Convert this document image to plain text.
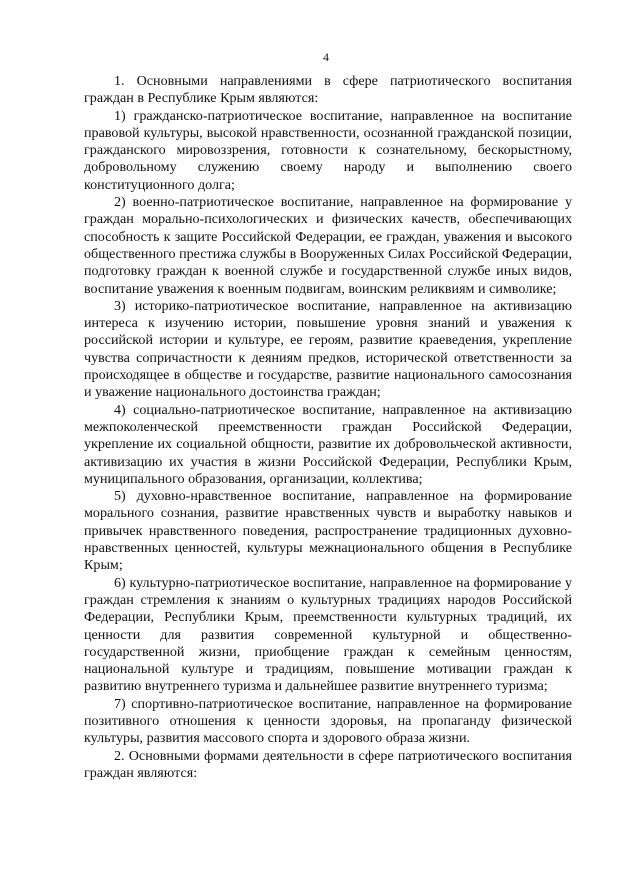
4

1. Основными направлениями в сфере патриотического воспитания граждан в Республике Крым являются:

1) гражданско-патриотическое воспитание, направленное на воспитание правовой культуры, высокой нравственности, осознанной гражданской позиции, гражданского мировоззрения, готовности к сознательному, бескорыстному, добровольному служению своему народу и выполнению своего конституционного долга;

2) военно-патриотическое воспитание, направленное на формирование у граждан морально-психологических и физических качеств, обеспечивающих способность к защите Российской Федерации, ее граждан, уважения и высокого общественного престижа службы в Вооруженных Силах Российской Федерации, подготовку граждан к военной службе и государственной службе иных видов, воспитание уважения к военным подвигам, воинским реликвиям и символике;

3) историко-патриотическое воспитание, направленное на активизацию интереса к изучению истории, повышение уровня знаний и уважения к российской истории и культуре, ее героям, развитие краеведения, укрепление чувства сопричастности к деяниям предков, исторической ответственности за происходящее в обществе и государстве, развитие национального самосознания и уважение национального достоинства граждан;

4) социально-патриотическое воспитание, направленное на активизацию межпоколенческой преемственности граждан Российской Федерации, укрепление их социальной общности, развитие их добровольческой активности, активизацию их участия в жизни Российской Федерации, Республики Крым, муниципального образования, организации, коллектива;

5) духовно-нравственное воспитание, направленное на формирование морального сознания, развитие нравственных чувств и выработку навыков и привычек нравственного поведения, распространение традиционных духовно-нравственных ценностей, культуры межнационального общения в Республике Крым;

6) культурно-патриотическое воспитание, направленное на формирование у граждан стремления к знаниям о культурных традициях народов Российской Федерации, Республики Крым, преемственности культурных традиций, их ценности для развития современной культурной и общественно-государственной жизни, приобщение граждан к семейным ценностям, национальной культуре и традициям, повышение мотивации граждан к развитию внутреннего туризма и дальнейшее развитие внутреннего туризма;

7) спортивно-патриотическое воспитание, направленное на формирование позитивного отношения к ценности здоровья, на пропаганду физической культуры, развития массового спорта и здорового образа жизни.

2. Основными формами деятельности в сфере патриотического воспитания граждан являются:
